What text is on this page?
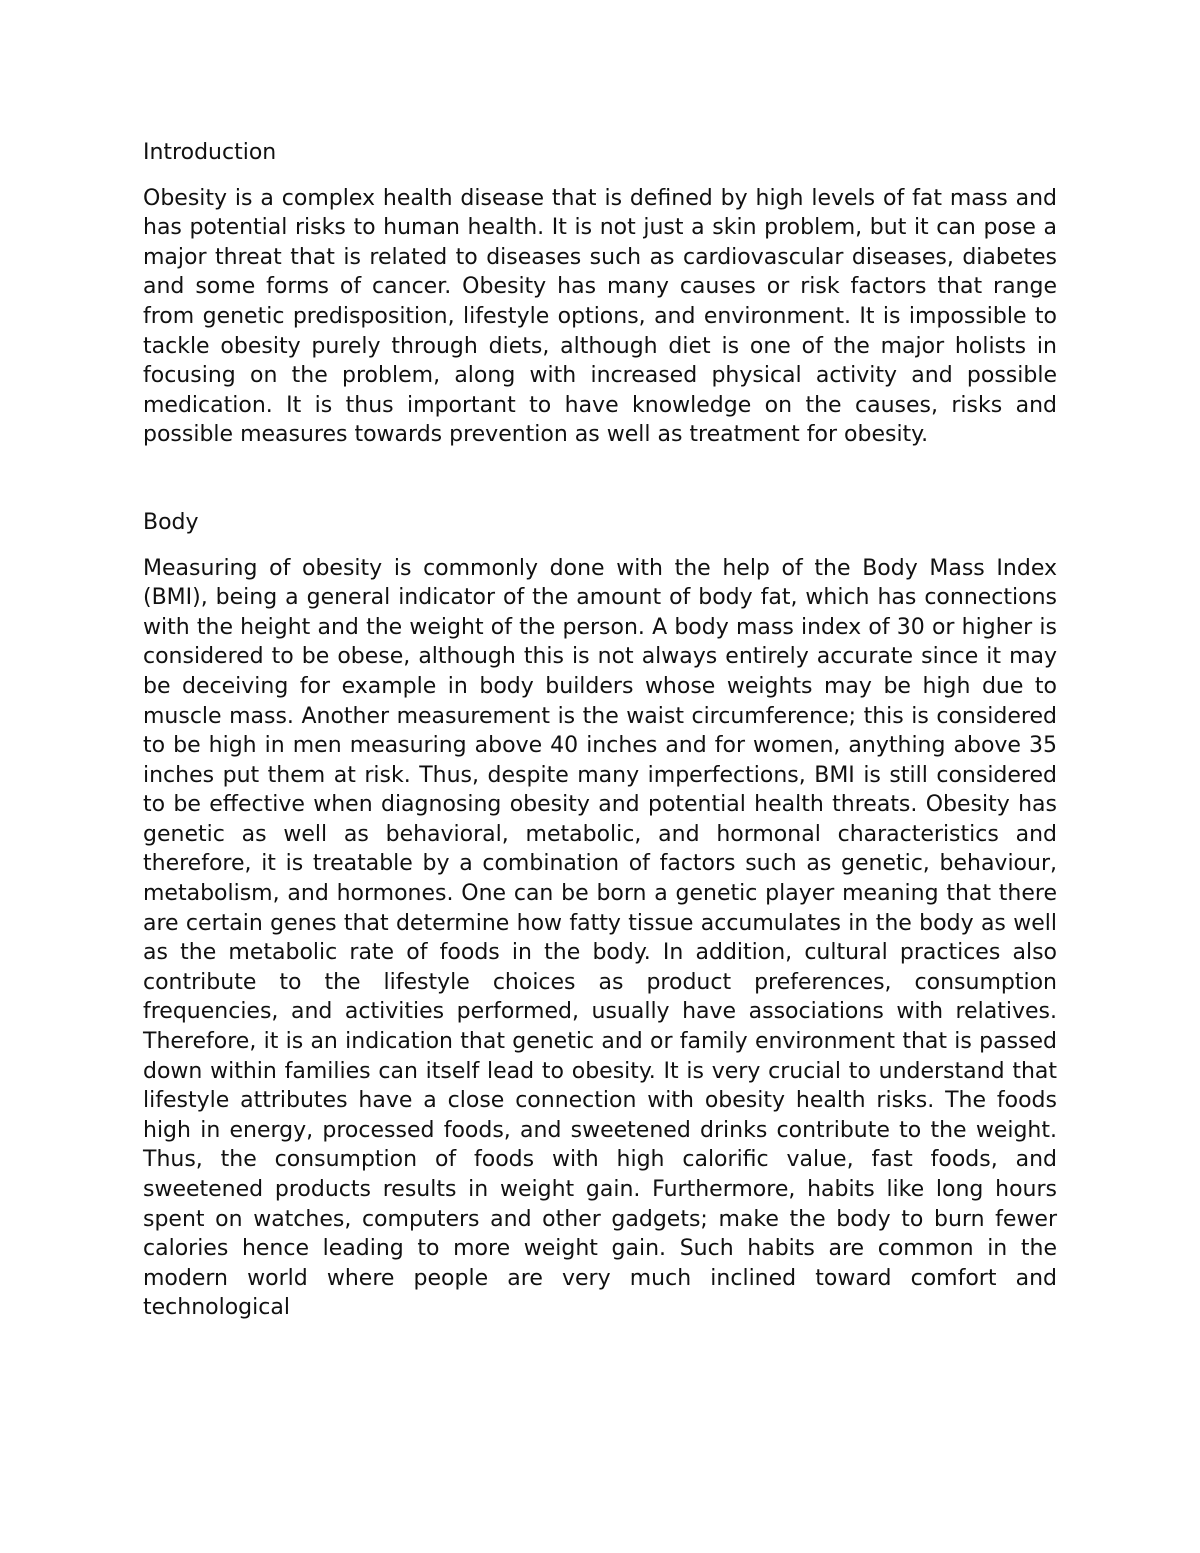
Introduction

Obesity is a complex health disease that is defined by high levels of fat mass and has potential risks to human health. It is not just a skin problem, but it can pose a major threat that is related to diseases such as cardiovascular diseases, diabetes and some forms of cancer. Obesity has many causes or risk factors that range from genetic predisposition, lifestyle options, and environment. It is impossible to tackle obesity purely through diets, although diet is one of the major holists in focusing on the problem, along with increased physical activity and possible medication. It is thus important to have knowledge on the causes, risks and possible measures towards prevention as well as treatment for obesity.

Body

Measuring of obesity is commonly done with the help of the Body Mass Index (BMI), being a general indicator of the amount of body fat, which has connections with the height and the weight of the person. A body mass index of 30 or higher is considered to be obese, although this is not always entirely accurate since it may be deceiving for example in body builders whose weights may be high due to muscle mass. Another measurement is the waist circumference; this is considered to be high in men measuring above 40 inches and for women, anything above 35 inches put them at risk. Thus, despite many imperfections, BMI is still considered to be effective when diagnosing obesity and potential health threats. Obesity has genetic as well as behavioral, metabolic, and hormonal characteristics and therefore, it is treatable by a combination of factors such as genetic, behaviour, metabolism, and hormones. One can be born a genetic player meaning that there are certain genes that determine how fatty tissue accumulates in the body as well as the metabolic rate of foods in the body. In addition, cultural practices also contribute to the lifestyle choices as product preferences, consumption frequencies, and activities performed, usually have associations with relatives. Therefore, it is an indication that genetic and or family environment that is passed down within families can itself lead to obesity. It is very crucial to understand that lifestyle attributes have a close connection with obesity health risks. The foods high in energy, processed foods, and sweetened drinks contribute to the weight. Thus, the consumption of foods with high calorific value, fast foods, and sweetened products results in weight gain. Furthermore, habits like long hours spent on watches, computers and other gadgets; make the body to burn fewer calories hence leading to more weight gain. Such habits are common in the modern world where people are very much inclined toward comfort and technological
